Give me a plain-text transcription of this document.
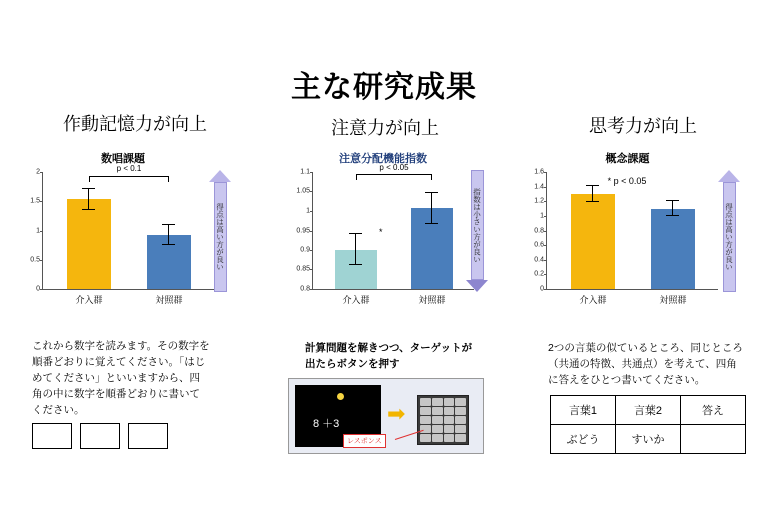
主な研究成果
作動記憶力が向上
数唱課題
2
1.5
1
0.5
0
p < 0.1
介入群	対照群
得点は高い方が良い
これから数字を読みます。その数字を順番どおりに覚えてください。「はじめてください」といいますから、四角の中に数字を順番どおりに書いてください。
注意力が向上
注意分配機能指数
1.1
1.05
1
0.95
0.9
0.85
0.8
*
p < 0.05
介入群	対照群
指数は小さい方が良い
計算問題を解きつつ、ターゲットが出たらボタンを押す
8 ＋3 ➡
レスポンス
思考力が向上
概念課題
1.6
1.4
1.2
1
0.8
0.6
0.4
0.2
0
* p < 0.05
介入群	対照群
得点は高い方が良い
2つの言葉の似ているところ、同じところ（共通の特徴、共通点）を考えて、四角に答えをひとつ書いてください。
言葉1	言葉2	答え
ぶどう	すいか	
